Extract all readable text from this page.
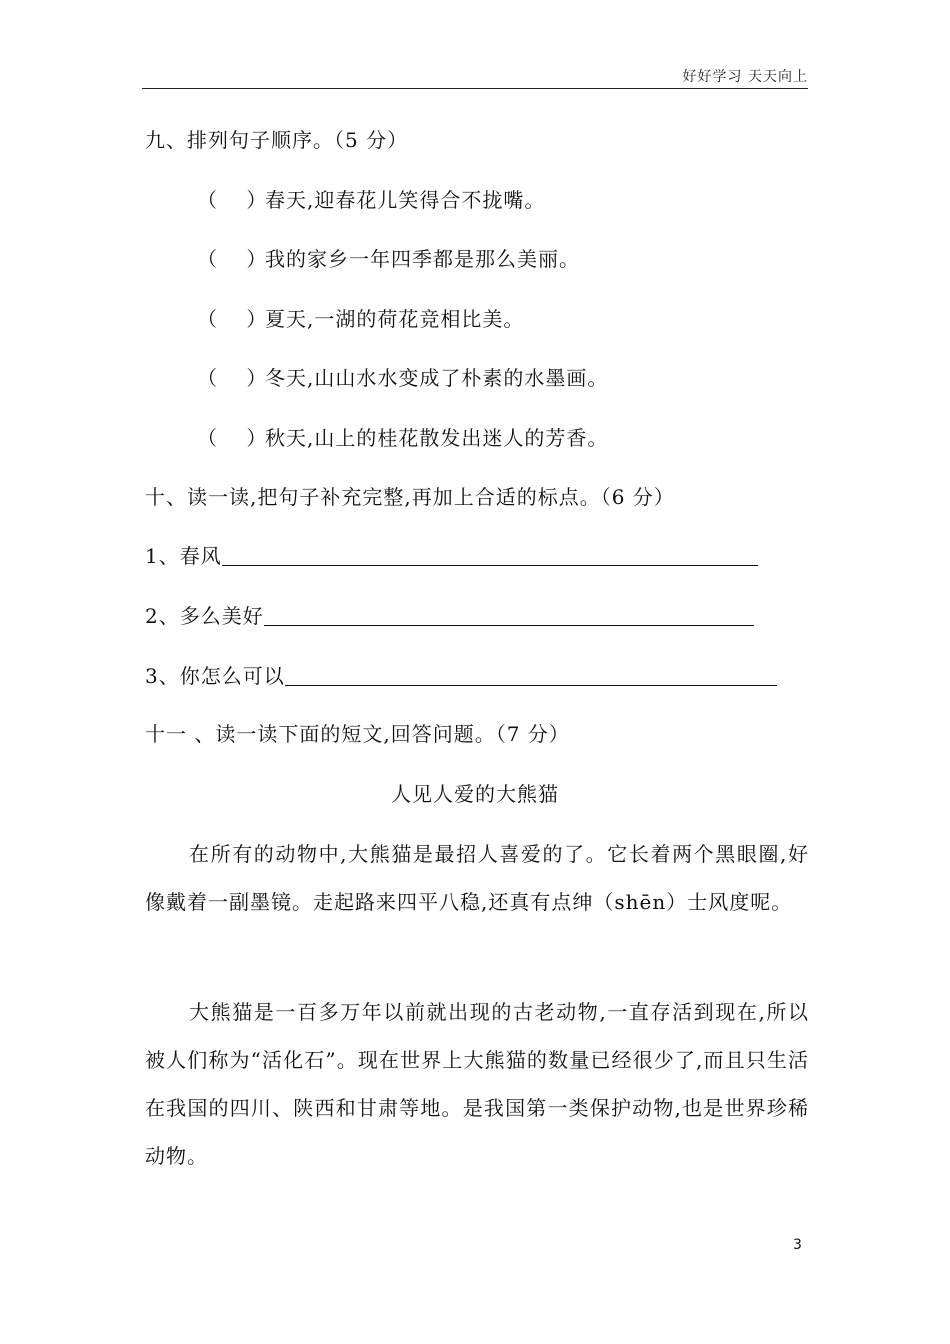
好好学习 天天向上
九、排列句子顺序。（5 分）
（　 ）春天,迎春花儿笑得合不拢嘴。
（　 ）我的家乡一年四季都是那么美丽。
（　 ）夏天,一湖的荷花竞相比美。
（　 ）冬天,山山水水变成了朴素的水墨画。
（　 ）秋天,山上的桂花散发出迷人的芳香。
十、读一读,把句子补充完整,再加上合适的标点。（6 分）
1、春风
2、多么美好
3、你怎么可以
十一 、读一读下面的短文,回答问题。（7 分）
人见人爱的大熊猫

在所有的动物中,大熊猫是最招人喜爱的了。它长着两个黑眼圈,好像戴着一副墨镜。走起路来四平八稳,还真有点绅（shēn）士风度呢。

大熊猫是一百多万年以前就出现的古老动物,一直存活到现在,所以被人们称为“活化石”。现在世界上大熊猫的数量已经很少了,而且只生活在我国的四川、陕西和甘肃等地。是我国第一类保护动物,也是世界珍稀动物。

3
